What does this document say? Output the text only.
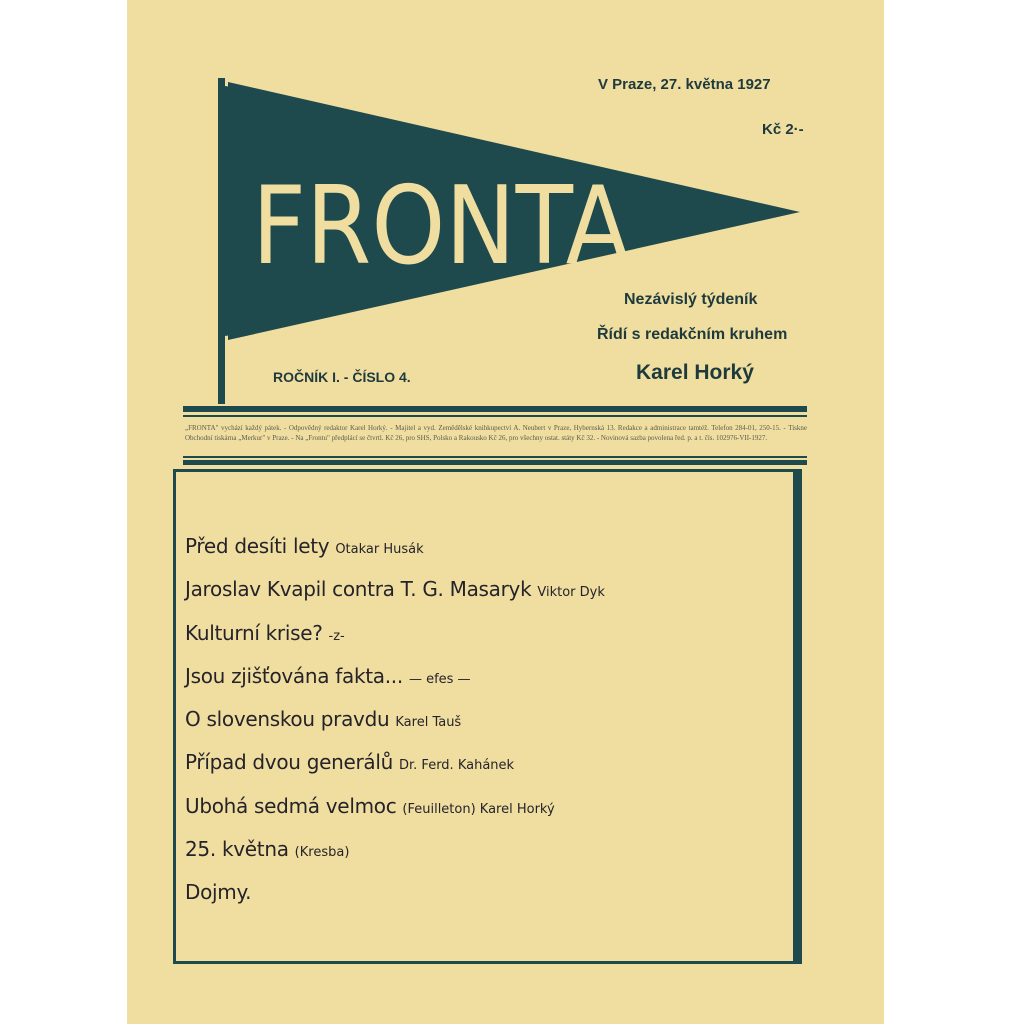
FRONTA
V Praze, 27. května 1927
Kč 2·-
Nezávislý týdeník
Řídí s redakčním kruhem
Karel Horký
ROČNÍK I. - ČÍSLO 4.
„FRONTA" vychází každý pátek. - Odpovědný redaktor Karel Horký. - Majitel a vyd. Zemědělské knihkupectví A. Neubert v Praze, Hybernská 13. Redakce a administrace tamtéž. Telefon 284-01, 250-15. - Tiskne Obchodní tiskárna „Merkur" v Praze. - Na „Frontu" předplácí se čtvrtl. Kč 26, pro SHS, Polsko a Rakousko Kč 26, pro všechny ostat. státy Kč 32. - Novinová sazba povolena řed. p. a t. čís. 102976-VII-1927.
Před desíti lety Otakar Husák
Jaroslav Kvapil contra T. G. Masaryk Viktor Dyk
Kulturní krise? -z-
Jsou zjišťována fakta... — efes —
O slovenskou pravdu Karel Tauš
Případ dvou generálů Dr. Ferd. Kahánek
Ubohá sedmá velmoc (Feuilleton) Karel Horký
25. května (Kresba)
Dojmy.
